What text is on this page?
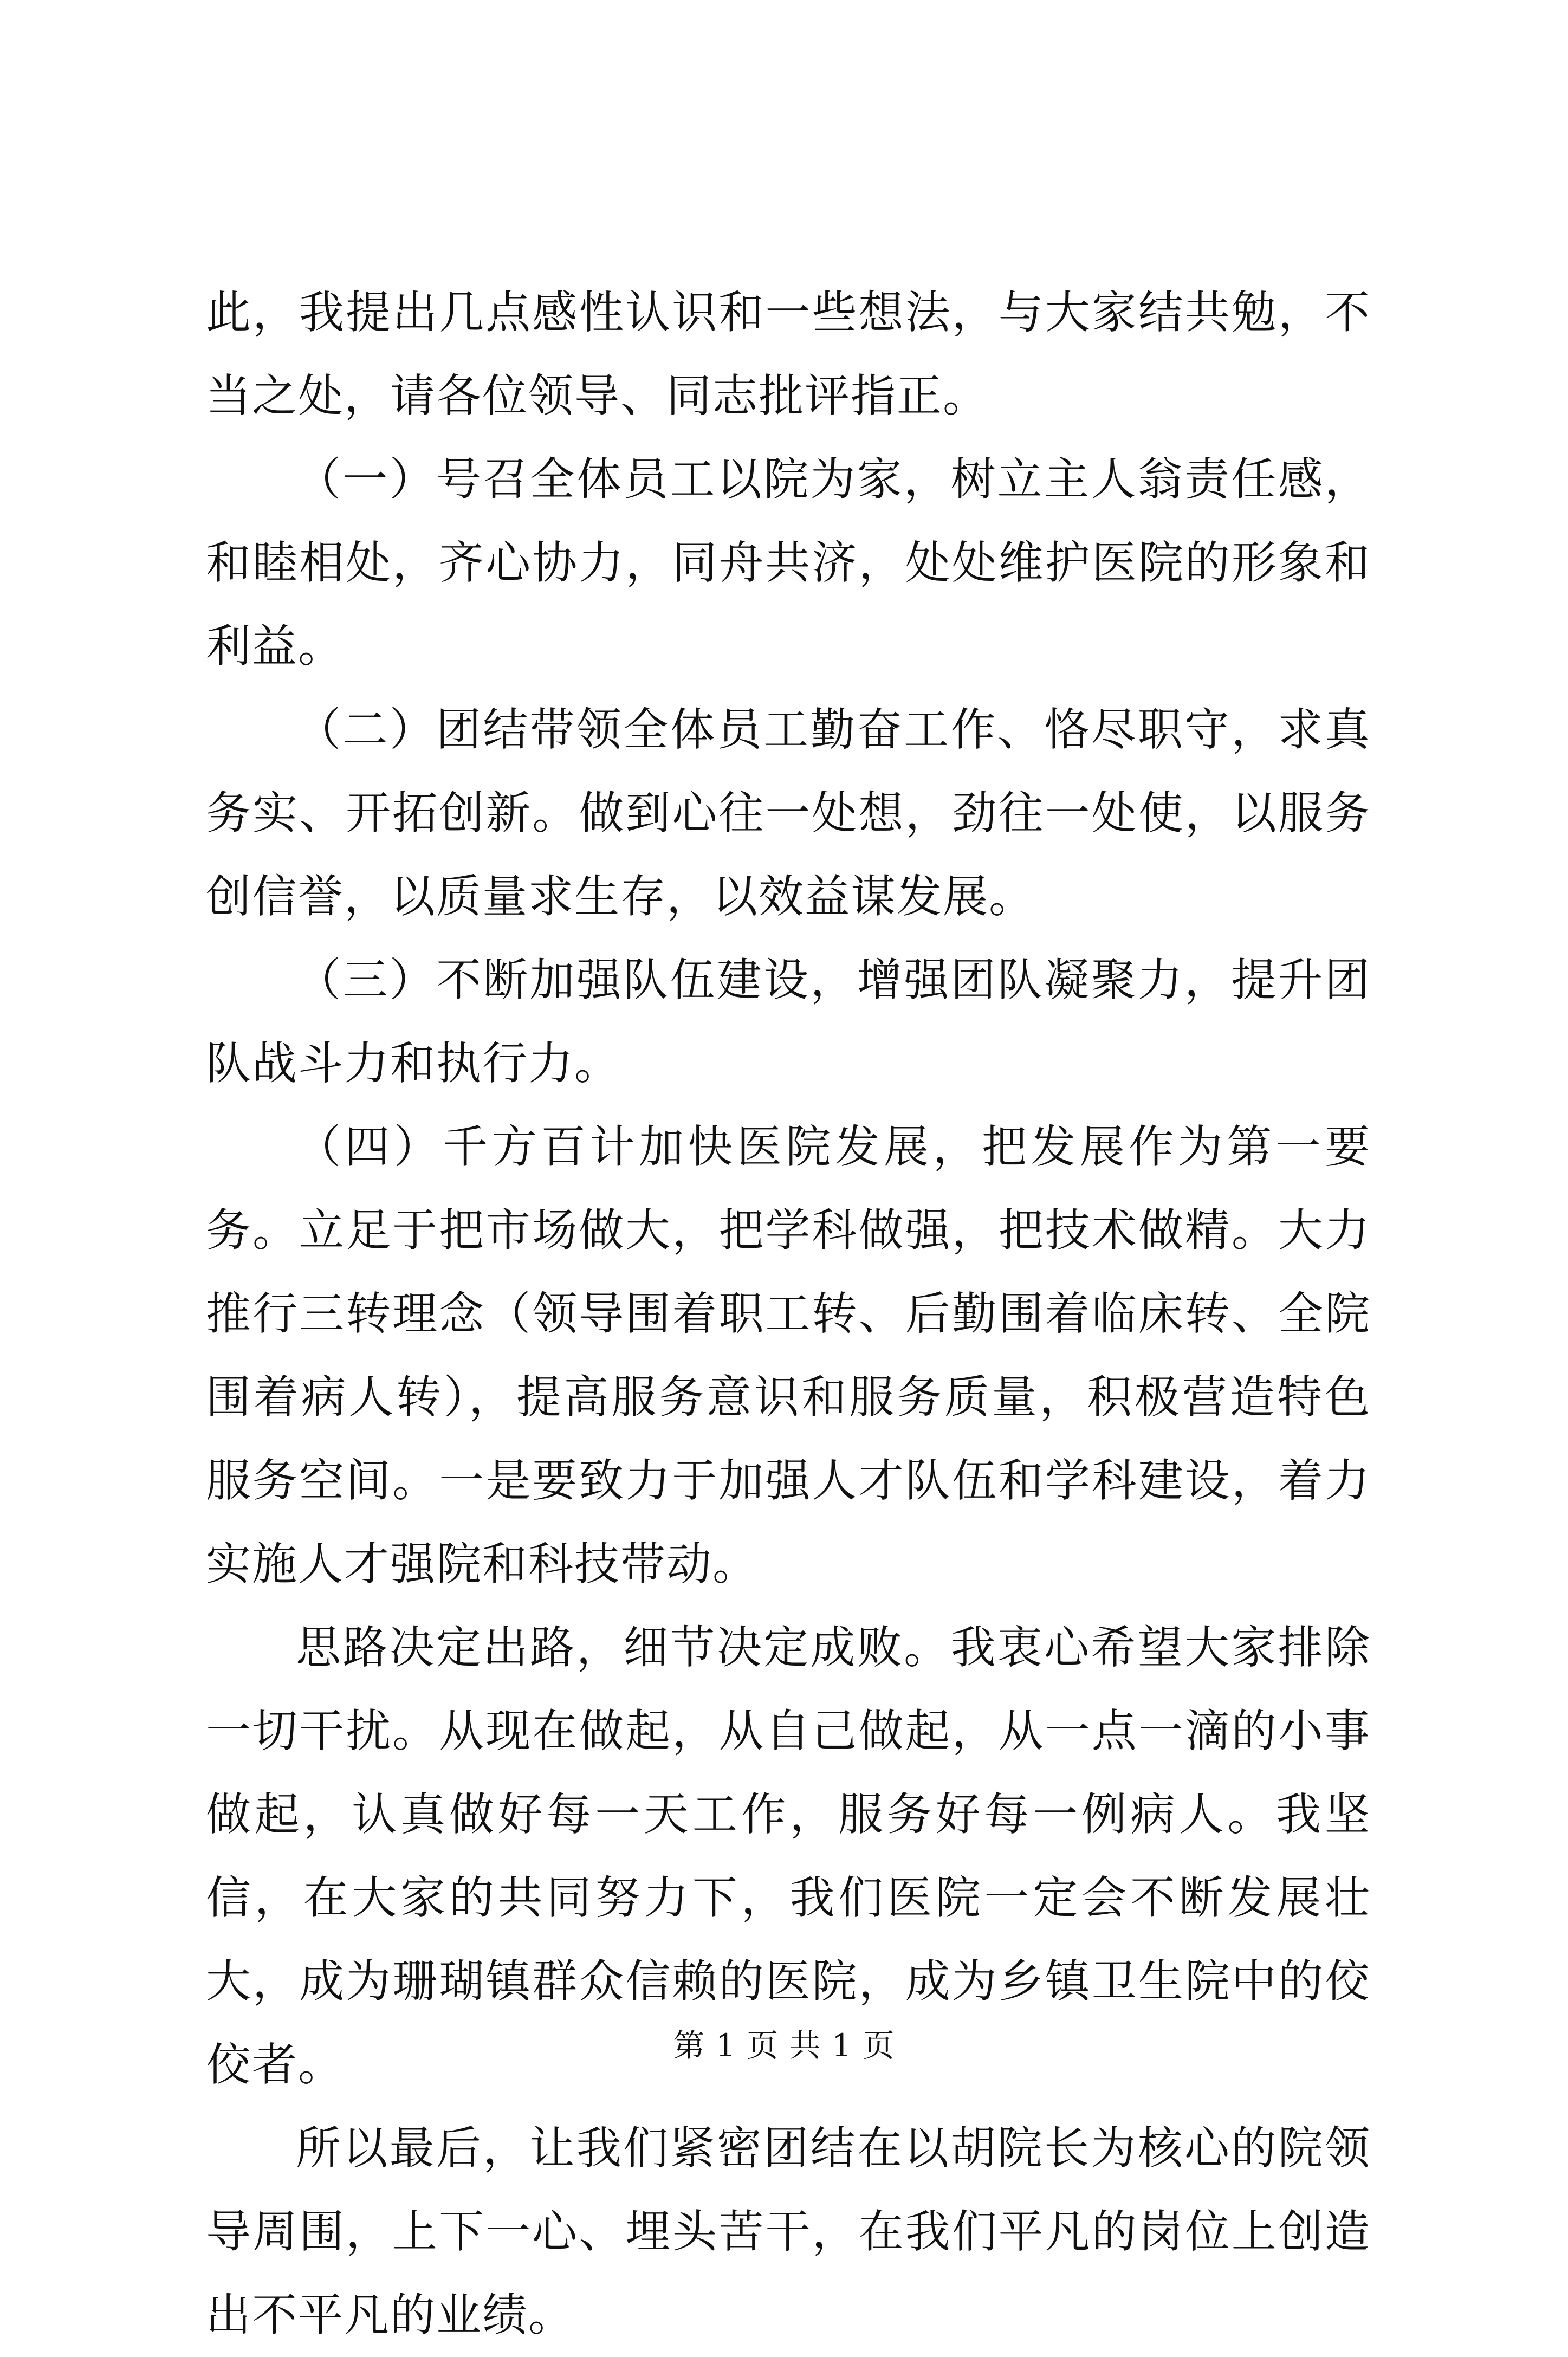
此，我提出几点感性认识和一些想法，与大家结共勉，不当之处，请各位领导、同志批评指正。

（一）号召全体员工以院为家，树立主人翁责任感，和睦相处，齐心协力，同舟共济，处处维护医院的形象和利益。

（二）团结带领全体员工勤奋工作、恪尽职守，求真务实、开拓创新。做到心往一处想，劲往一处使，以服务创信誉，以质量求生存，以效益谋发展。

（三）不断加强队伍建设，增强团队凝聚力，提升团队战斗力和执行力。

（四）千方百计加快医院发展，把发展作为第一要务。立足于把市场做大，把学科做强，把技术做精。大力推行三转理念（领导围着职工转、后勤围着临床转、全院围着病人转），提高服务意识和服务质量，积极营造特色服务空间。一是要致力于加强人才队伍和学科建设，着力实施人才强院和科技带动。

思路决定出路，细节决定成败。我衷心希望大家排除一切干扰。从现在做起，从自己做起，从一点一滴的小事做起，认真做好每一天工作，服务好每一例病人。我坚信，在大家的共同努力下，我们医院一定会不断发展壮大，成为珊瑚镇群众信赖的医院，成为乡镇卫生院中的佼佼者。

所以最后，让我们紧密团结在以胡院长为核心的院领导周围，上下一心、埋头苦干，在我们平凡的岗位上创造出不平凡的业绩。

第 1 页 共 1 页
